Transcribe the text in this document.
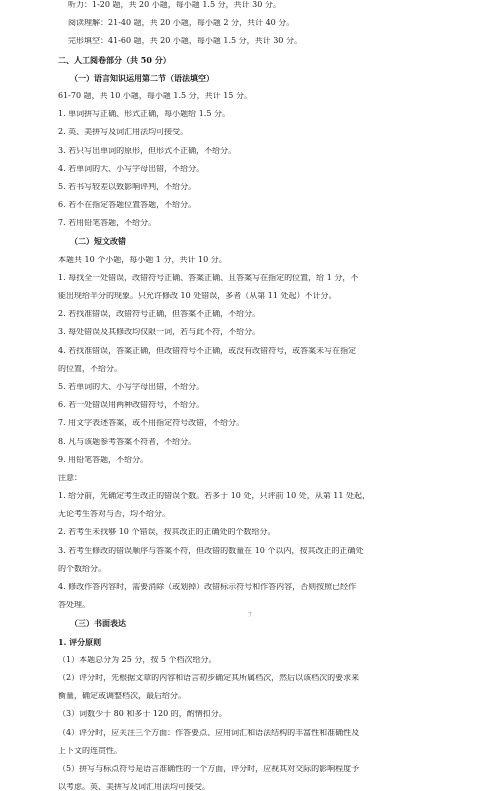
听力：1-20 题，共 20 小题，每小题 1.5 分，共计 30 分。
阅读理解：21-40 题，共 20 小题，每小题 2 分，共计 40 分。
完形填空：41-60 题，共 20 小题，每小题 1.5 分，共计 30 分。
二、人工阅卷部分（共 50 分）
（一）语言知识运用第二节（语法填空）
61-70 题，共 10 小题，每小题 1.5 分，共计 15 分。
1. 单词拼写正确、形式正确，每小题给 1.5 分。
2. 英、美拼写及词汇用法均可接受。
3. 若只写出单词的原形，但形式不正确，不给分。
4. 若单词的大、小写字母出错，不给分。
5. 若书写较差以致影响评判，不给分。
6. 若不在指定答题位置答题，不给分。
7. 若用铅笔答题，不给分。
（二）短文改错
本题共 10 个小题，每小题 1 分，共计 10 分。
1. 每找全一处错误，改错符号正确、答案正确、且答案写在指定的位置，给 1 分，不
能出现给半分的现象。只允许修改 10 处错误，多者（从第 11 处起）不计分。
2. 若找准错误，改错符号正确，但答案不正确，不给分。
3. 每处错误及其修改均仅限一词，若与此不符，不给分。
4. 若找准错误，答案正确，但改错符号不正确，或没有改错符号，或答案未写在指定
的位置，不给分。
5. 若单词的大、小写字母出错，不给分。
6. 若一处错误用两种改错符号，不给分。
7. 用文字表述答案，或不用指定符号改错，不给分。
8. 凡与该题参考答案不符者，不给分。
9. 用铅笔答题，不给分。
注意：
1. 给分前，先确定考生改正的错误个数。若多于 10 处，只评前 10 处，从第 11 处起，
无论考生答对与否，均不给分。
2. 若考生未找够 10 个错误，按其改正的正确处的个数给分。
3. 若考生修改的错误顺序与答案不符，但改错的数量在 10 个以内，按其改正的正确处
的个数给分。
4. 修改作答内容时，需要消除（或划掉）改错标示符号和作答内容，否则按照已经作
答处理。
（三）书面表达
1. 评分原则
（1）本题总分为 25 分，按 5 个档次给分。
（2）评分时，先根据文章的内容和语言初步确定其所属档次，然后以该档次的要求来
衡量，确定或调整档次，最后给分。
（3）词数少于 80 和多于 120 的，酌情扣分。
（4）评分时，应关注三个方面：作答要点、应用词汇和语法结构的丰富性和准确性及
上下文的连贯性。
（5）拼写与标点符号是语言准确性的一个方面，评分时，应视其对交际的影响程度予
以考虑。英、美拼写及词汇用法均可接受。
7
